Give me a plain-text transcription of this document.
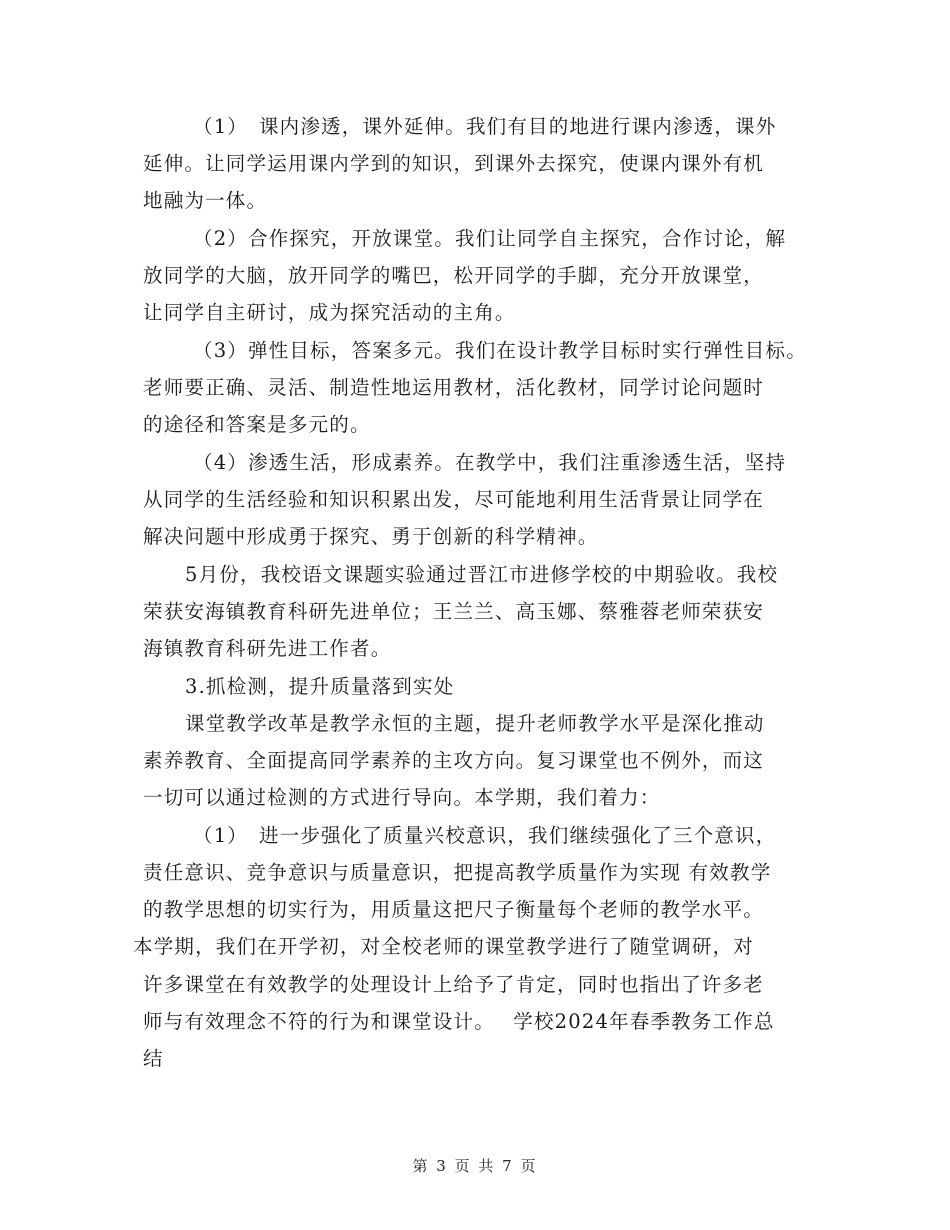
（1）　课内渗透，课外延伸。我们有目的地进行课内渗透，课外
延伸。让同学运用课内学到的知识，到课外去探究，使课内课外有机
地融为一体。
（2）合作探究，开放课堂。我们让同学自主探究，合作讨论，解
放同学的大脑，放开同学的嘴巴，松开同学的手脚，充分开放课堂，
让同学自主研讨，成为探究活动的主角。
（3）弹性目标，答案多元。我们在设计教学目标时实行弹性目标。
老师要正确、灵活、制造性地运用教材，活化教材，同学讨论问题时
的途径和答案是多元的。
（4）渗透生活，形成素养。在教学中，我们注重渗透生活，坚持
从同学的生活经验和知识积累出发，尽可能地利用生活背景让同学在
解决问题中形成勇于探究、勇于创新的科学精神。
5月份，我校语文课题实验通过晋江市进修学校的中期验收。我校
荣获安海镇教育科研先进单位；王兰兰、高玉娜、蔡雅蓉老师荣获安
海镇教育科研先进工作者。
3.抓检测，提升质量落到实处
课堂教学改革是教学永恒的主题，提升老师教学水平是深化推动
素养教育、全面提高同学素养的主攻方向。复习课堂也不例外，而这
一切可以通过检测的方式进行导向。本学期，我们着力：
（1）　进一步强化了质量兴校意识，我们继续强化了三个意识，
责任意识、竞争意识与质量意识，把提高教学质量作为实现 有效教学
的教学思想的切实行为，用质量这把尺子衡量每个老师的教学水平。
本学期，我们在开学初，对全校老师的课堂教学进行了随堂调研，对
许多课堂在有效教学的处理设计上给予了肯定，同时也指出了许多老
师与有效理念不符的行为和课堂设计。　 学校2024年春季教务工作总
结
第 3 页 共 7 页
